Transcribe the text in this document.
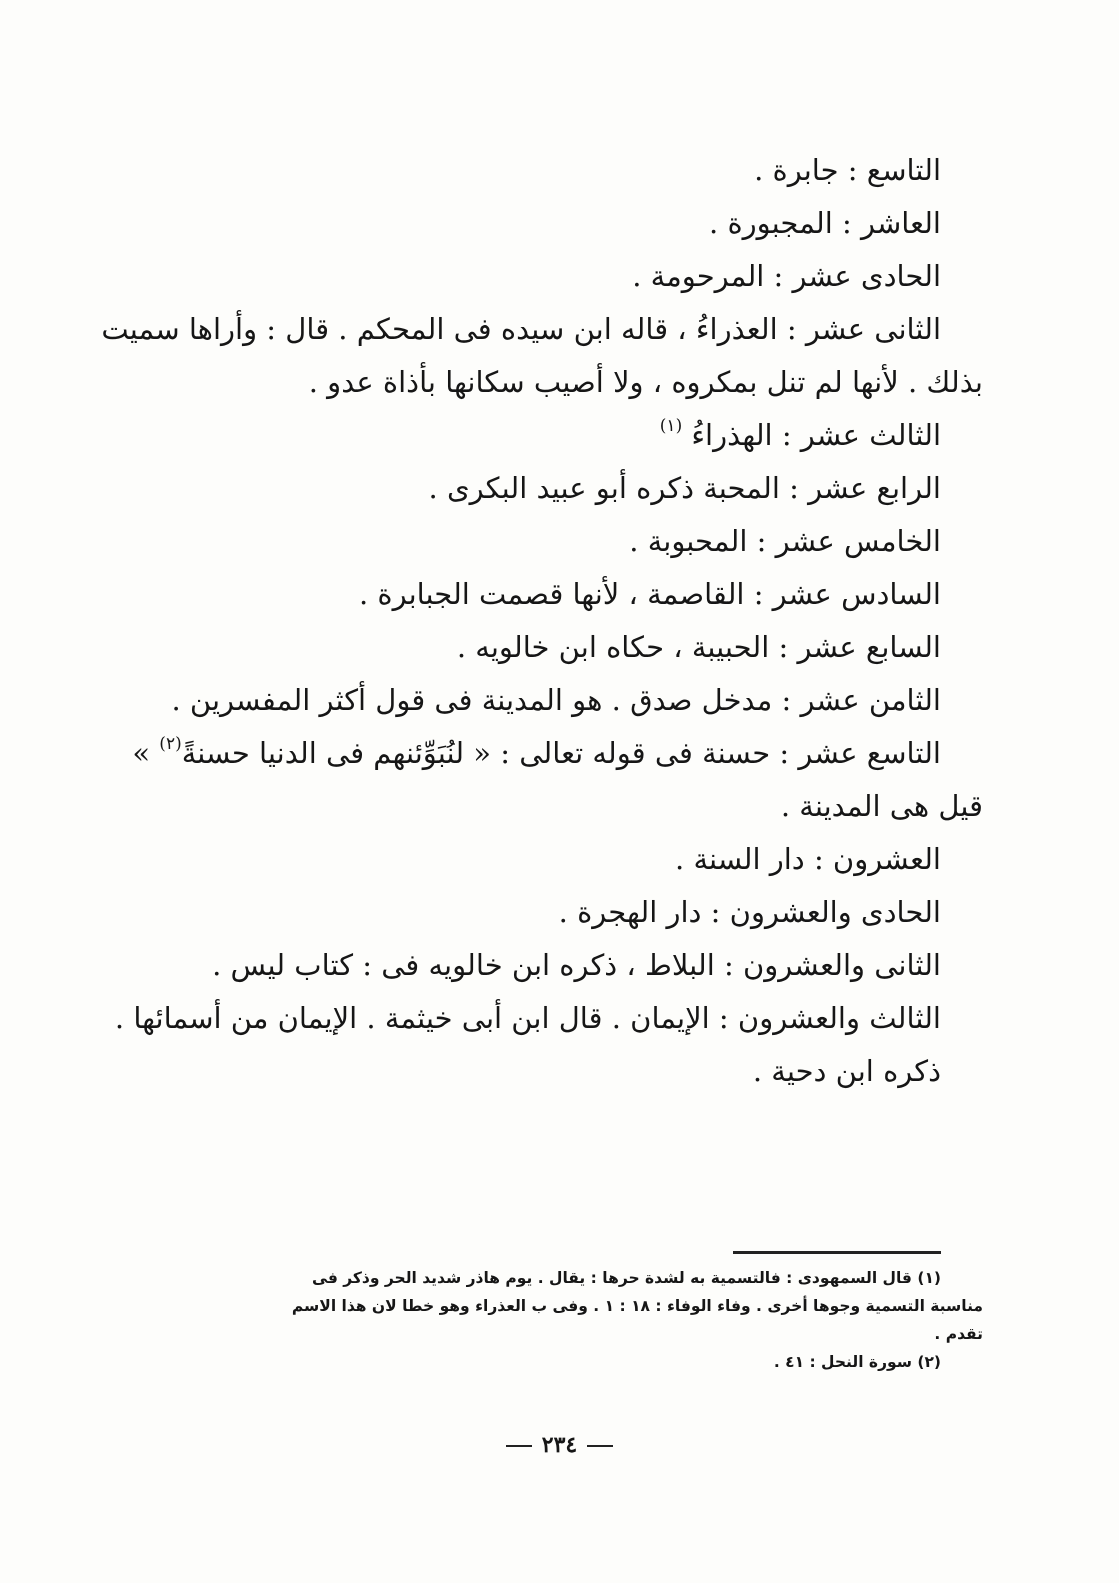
التاسع : جابرة .

العاشر : المجبورة .

الحادى عشر : المرحومة .

الثانى عشر : العذراءُ ، قاله ابن سيده فى المحكم . قال : وأراها سميت

بذلك . لأنها لم تنل بمكروه ، ولا أصيب سكانها بأذاة عدو .

الثالث عشر : الهذراءُ $^{(١)}$

الرابع عشر : المحبة ذكره أبو عبيد البكرى .

الخامس عشر : المحبوبة .

السادس عشر : القاصمة ، لأنها قصمت الجبابرة .

السابع عشر : الحبيبة ، حكاه ابن خالويه .

الثامن عشر : مدخل صدق . هو المدينة فى قول أكثر المفسرين .

التاسع عشر : حسنة فى قوله تعالى : « لنُبَوِّئنهم فى الدنيا حسنةً$^{(٢)}$ »

قيل هى المدينة .

العشرون : دار السنة .

الحادى والعشرون : دار الهجرة .

الثانى والعشرون : البلاط ، ذكره ابن خالويه فى : كتاب ليس .

الثالث والعشرون : الإيمان . قال ابن أبى خيثمة . الإيمان من أسمائها .

ذكره ابن دحية .

(١) قال السمهودى : فالتسمية به لشدة حرها : يقال . يوم هاذر شديد الحر وذكر فى

مناسبة التسمية وجوها أخرى . وفاء الوفاء : ١٨ : ١ . وفى ب العذراء وهو خطا لان هذا الاسم

تقدم .

(٢) سورة النحل : ٤١ .

٢٣٤
